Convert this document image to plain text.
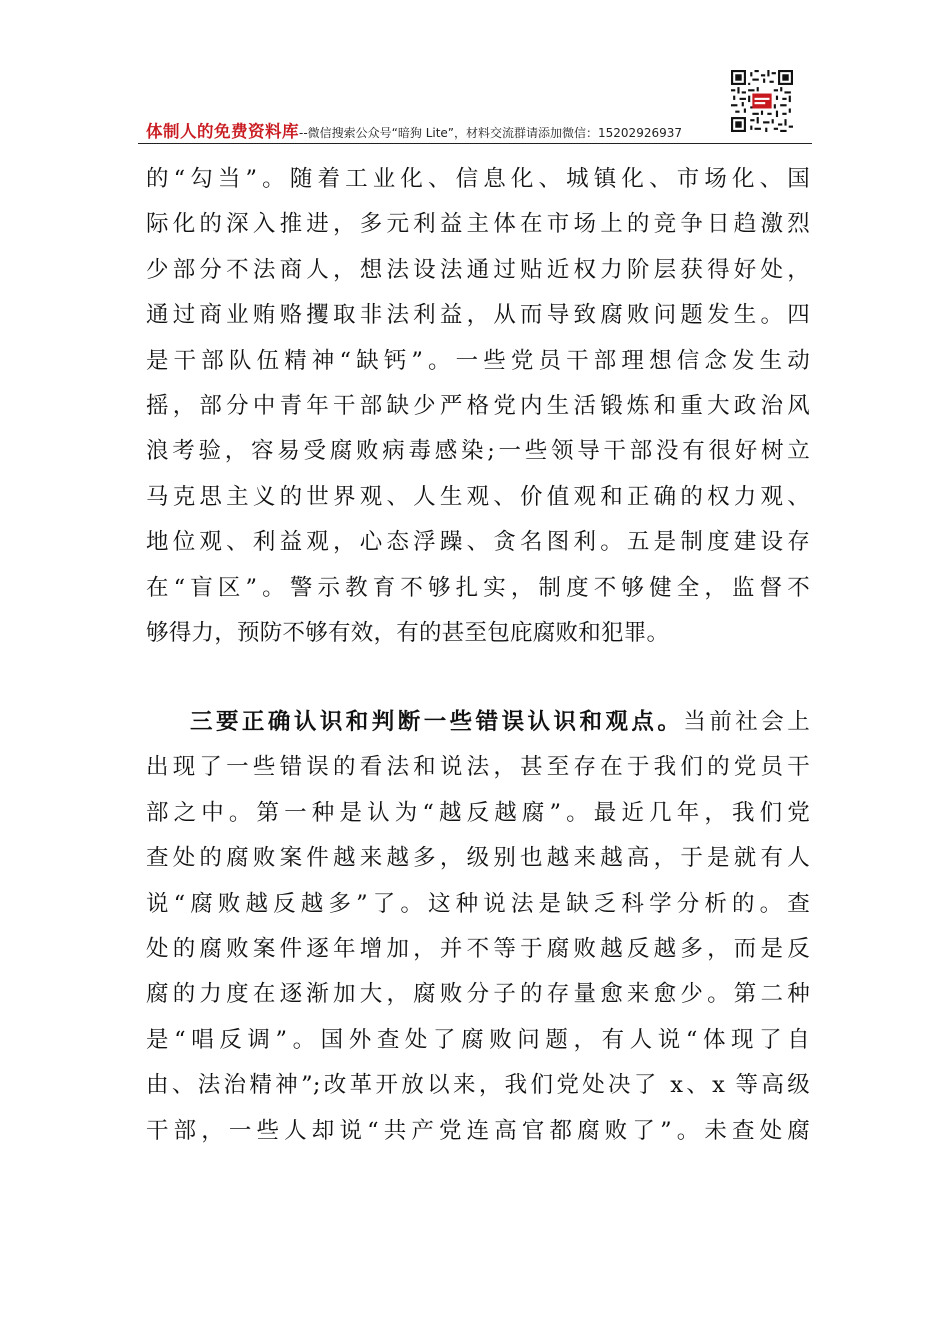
体制人的免费资料库--微信搜索公众号“暗狗 Lite”，材料交流群请添加微信：15202926937
的“勾当”。随着工业化、信息化、城镇化、市场化、国
际化的深入推进，多元利益主体在市场上的竞争日趋激烈
少部分不法商人，想法设法通过贴近权力阶层获得好处，
通过商业贿赂攫取非法利益，从而导致腐败问题发生。四
是干部队伍精神“缺钙”。一些党员干部理想信念发生动
摇，部分中青年干部缺少严格党内生活锻炼和重大政治风
浪考验，容易受腐败病毒感染;一些领导干部没有很好树立
马克思主义的世界观、人生观、价值观和正确的权力观、
地位观、利益观，心态浮躁、贪名图利。五是制度建设存
在“盲区”。警示教育不够扎实，制度不够健全，监督不
够得力，预防不够有效，有的甚至包庇腐败和犯罪。
三要正确认识和判断一些错误认识和观点。当前社会上
出现了一些错误的看法和说法，甚至存在于我们的党员干
部之中。第一种是认为“越反越腐”。最近几年，我们党
查处的腐败案件越来越多，级别也越来越高，于是就有人
说“腐败越反越多”了。这种说法是缺乏科学分析的。查
处的腐败案件逐年增加，并不等于腐败越反越多，而是反
腐的力度在逐渐加大，腐败分子的存量愈来愈少。第二种
是“唱反调”。国外查处了腐败问题，有人说“体现了自
由、法治精神”;改革开放以来，我们党处决了 x、x 等高级
干部，一些人却说“共产党连高官都腐败了”。未查处腐
